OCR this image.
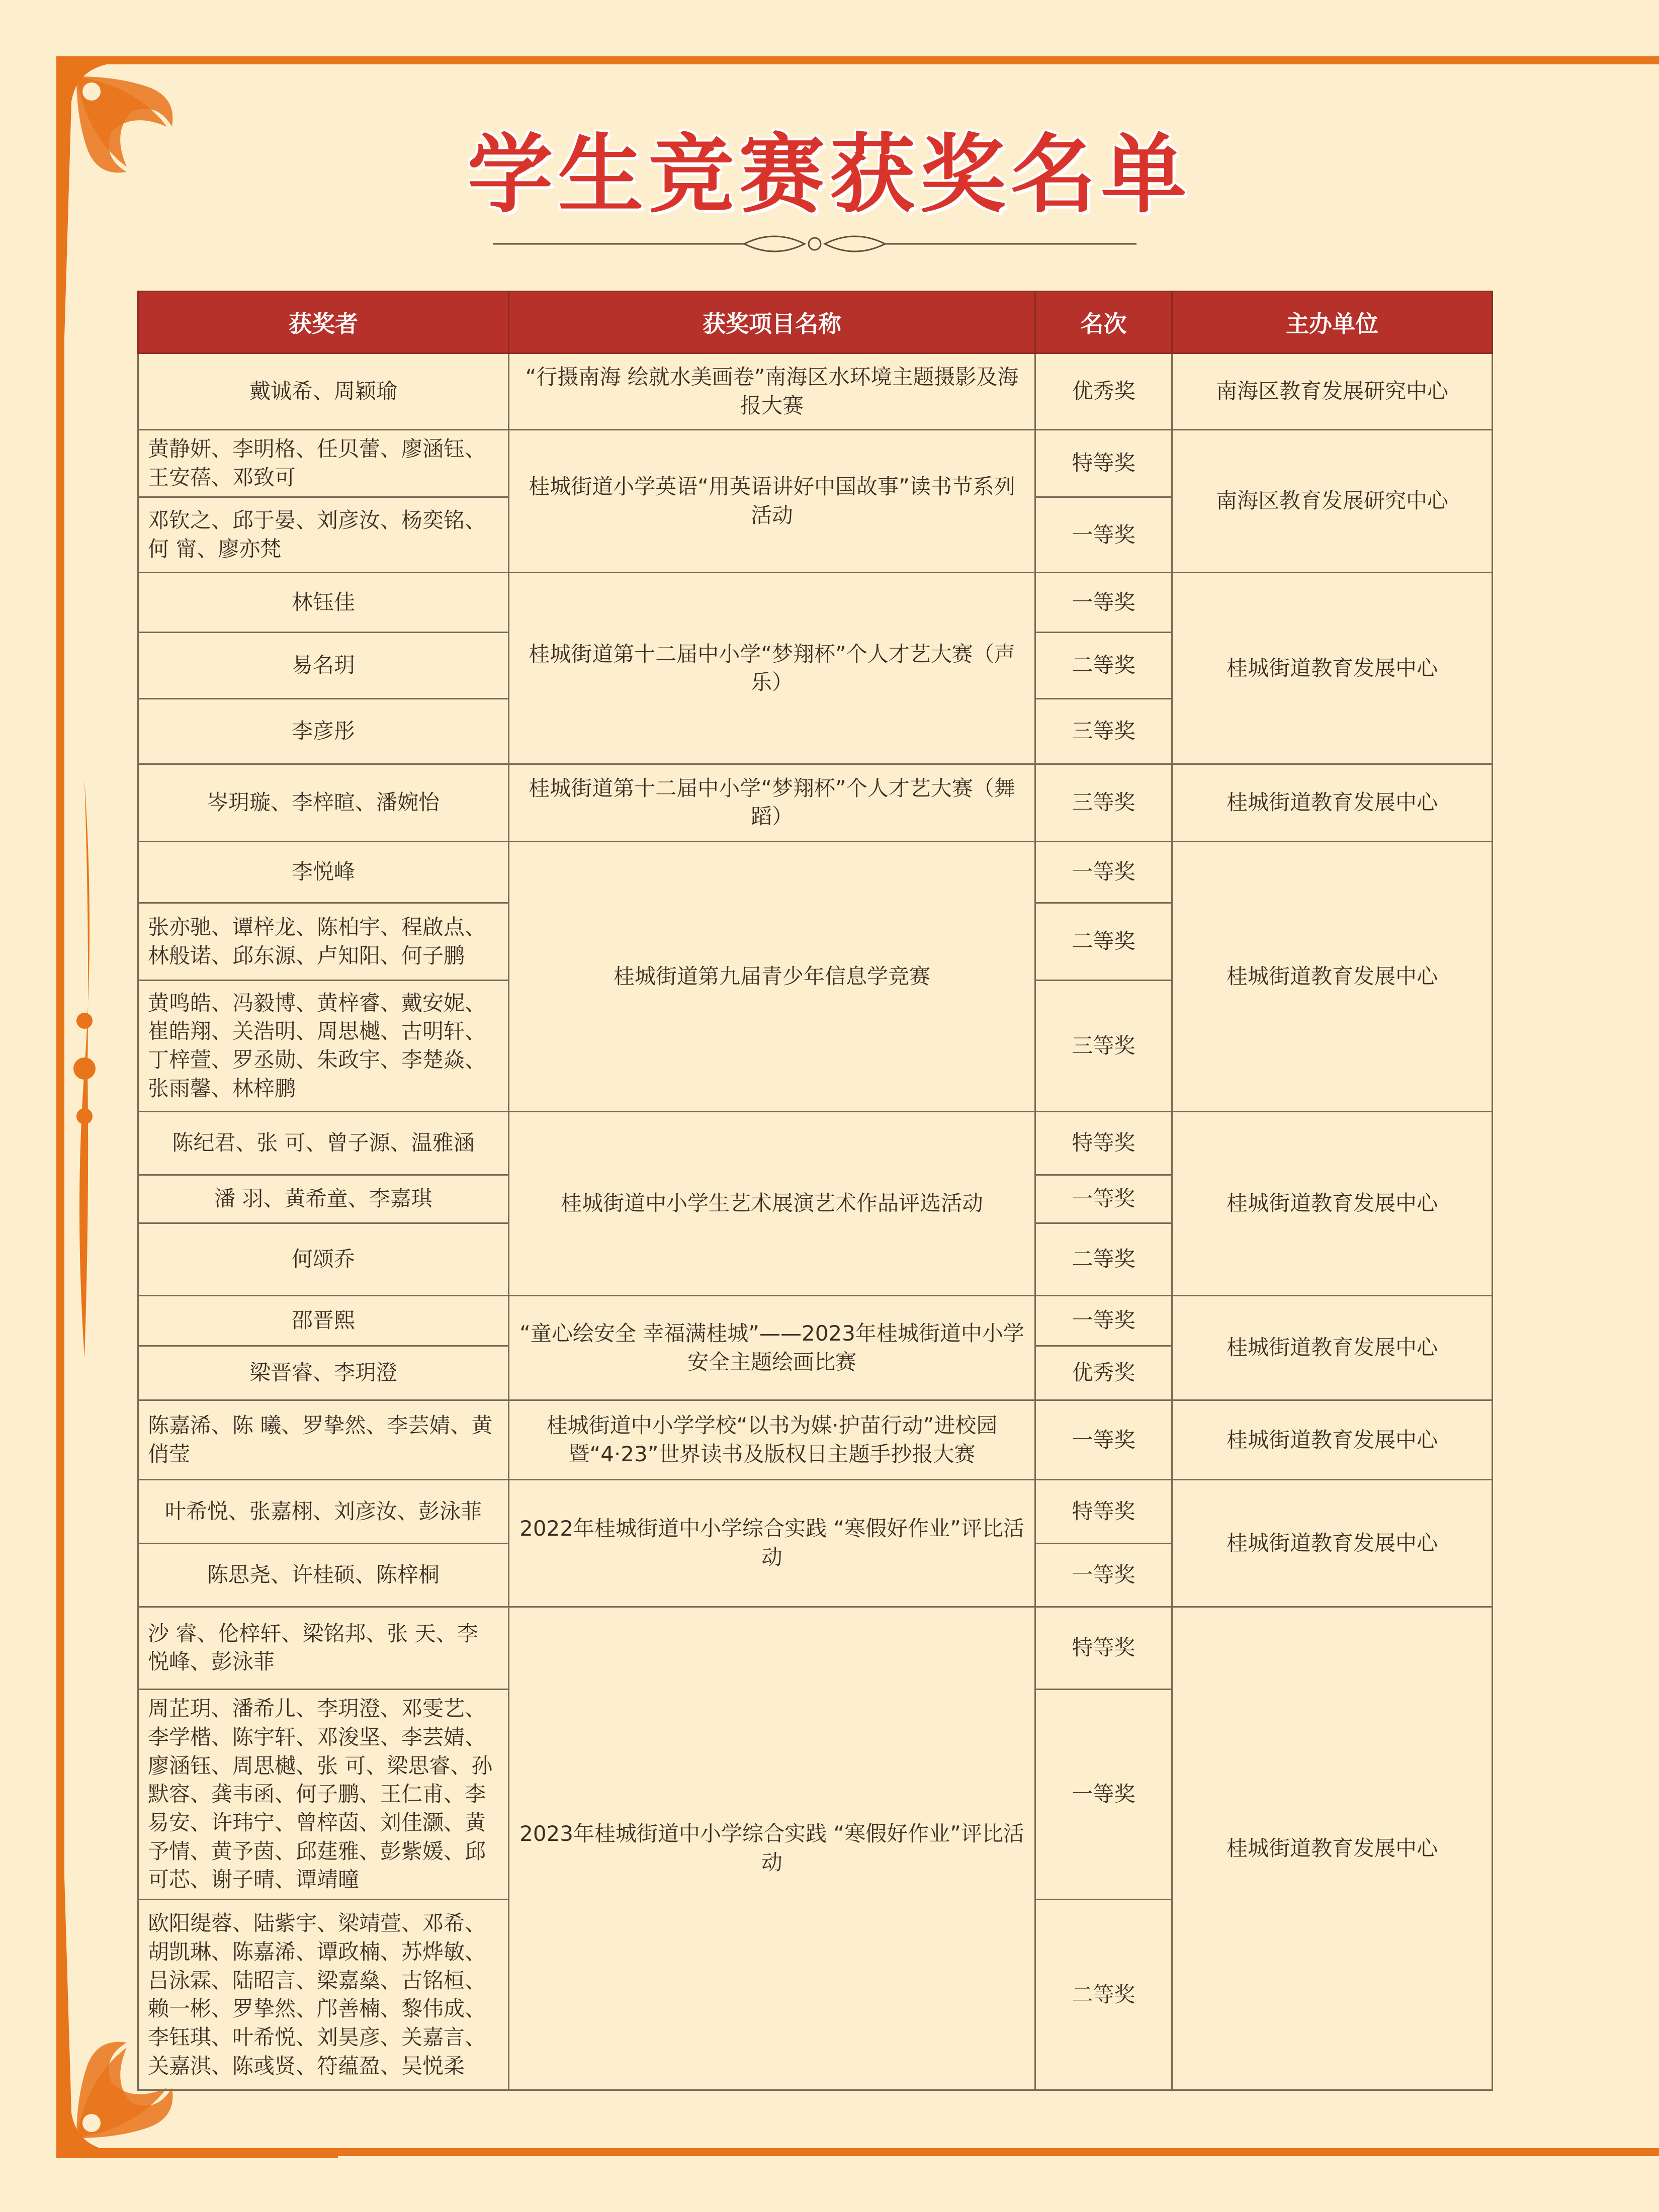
学生竞赛获奖名单
获奖者	获奖项目名称	名次	主办单位
戴诚希、周颖瑜	“行摄南海 绘就水美画卷”南海区水环境主题摄影及海报大赛	优秀奖	南海区教育发展研究中心
黄静妍、李明格、任贝蕾、廖涵钰、王安蓓、邓致可	桂城街道小学英语“用英语讲好中国故事”读书节系列活动	特等奖	南海区教育发展研究中心
邓钦之、邱于晏、刘彦汝、杨奕铭、何 甯、廖亦梵		一等奖	
林钰佳	桂城街道第十二届中小学“梦翔杯”个人才艺大赛（声乐）	一等奖	桂城街道教育发展中心
易名玥		二等奖	
李彦彤		三等奖	
岑玥璇、李梓暄、潘婉怡	桂城街道第十二届中小学“梦翔杯”个人才艺大赛（舞蹈）	三等奖	桂城街道教育发展中心
李悦峰	桂城街道第九届青少年信息学竞赛	一等奖	桂城街道教育发展中心
张亦驰、谭梓龙、陈柏宇、程啟点、林般诺、邱东源、卢知阳、何子鹏		二等奖	
黄鸣皓、冯毅博、黄梓睿、戴安妮、崔皓翔、关浩明、周思樾、古明轩、丁梓萱、罗丞勋、朱政宇、李楚焱、张雨馨、林梓鹏		三等奖	
陈纪君、张 可、曾子源、温雅涵	桂城街道中小学生艺术展演艺术作品评选活动	特等奖	桂城街道教育发展中心
潘 羽、黄希童、李嘉琪		一等奖	
何颂乔		二等奖	
邵晋熙	“童心绘安全 幸福满桂城”——2023年桂城街道中小学安全主题绘画比赛	一等奖	桂城街道教育发展中心
梁晋睿、李玥澄		优秀奖	
陈嘉浠、陈 曦、罗挚然、李芸婧、黄俏莹	桂城街道中小学学校“以书为媒·护苗行动”进校园暨“4·23”世界读书及版权日主题手抄报大赛	一等奖	桂城街道教育发展中心
叶希悦、张嘉栩、刘彦汝、彭泳菲	2022年桂城街道中小学综合实践 “寒假好作业”评比活动	特等奖	桂城街道教育发展中心
陈思尧、许桂硕、陈梓桐		一等奖	
沙 睿、伦梓轩、梁铭邦、张 天、李悦峰、彭泳菲	2023年桂城街道中小学综合实践 “寒假好作业”评比活动	特等奖	桂城街道教育发展中心
周芷玥、潘希儿、李玥澄、邓雯艺、李学楷、陈宇轩、邓浚坚、李芸婧、廖涵钰、周思樾、张 可、梁思睿、孙默容、龚韦函、何子鹏、王仁甫、李易安、许玮宁、曾梓茵、刘佳灏、黄予情、黄予茵、邱莛雅、彭紫媛、邱可芯、谢子晴、谭靖曈		一等奖	
欧阳缇蓉、陆紫宇、梁靖萱、邓希、胡凯琳、陈嘉浠、谭政楠、苏烨敏、吕泳霖、陆昭言、梁嘉燊、古铭桓、赖一彬、罗挚然、邝善楠、黎伟成、李钰琪、叶希悦、刘昊彦、关嘉言、关嘉淇、陈彧贤、符蕴盈、吴悦柔		二等奖	
